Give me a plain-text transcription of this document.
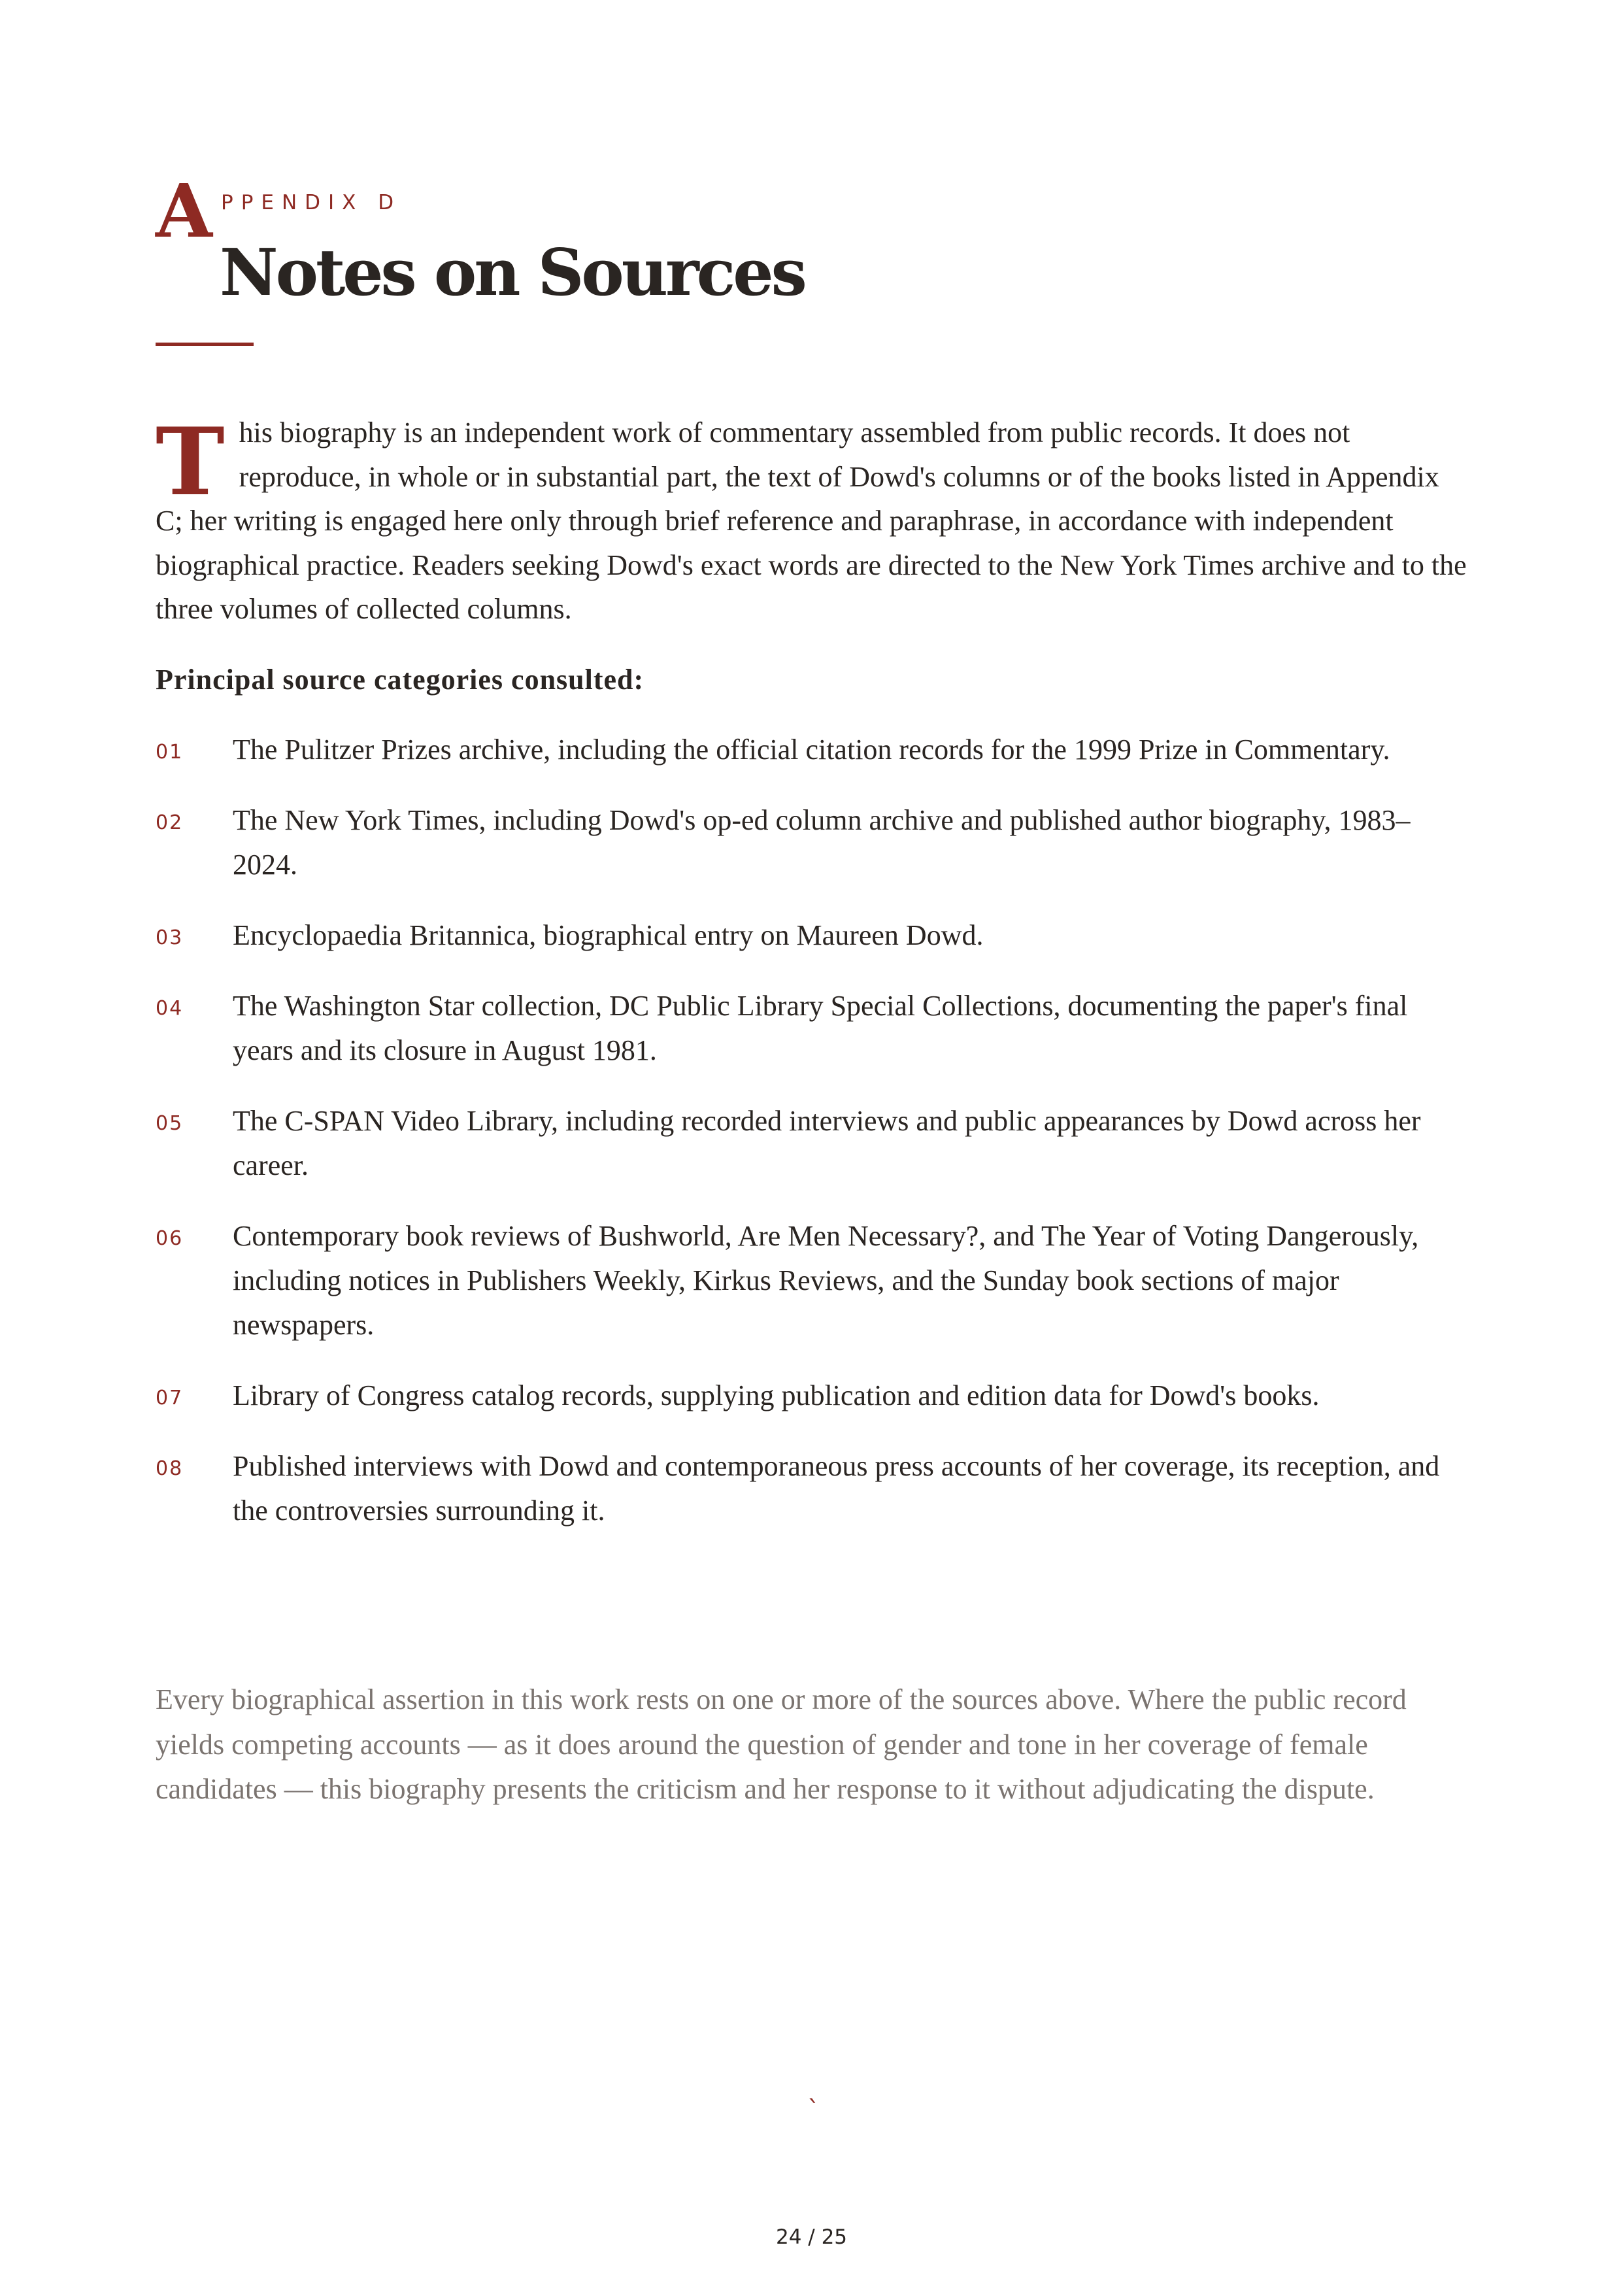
A PPENDIX D
Notes on Sources

T his biography is an independent work of commentary assembled from public records. It does not reproduce, in whole or in substantial part, the text of Dowd's columns or of the books listed in Appendix C; her writing is engaged here only through brief reference and paraphrase, in accordance with independent biographical practice. Readers seeking Dowd's exact words are directed to the New York Times archive and to the three volumes of collected columns.

Principal source categories consulted:
01 The Pulitzer Prizes archive, including the official citation records for the 1999 Prize in Commentary.
02 The New York Times, including Dowd's op-ed column archive and published author biography, 1983–2024.
03 Encyclopaedia Britannica, biographical entry on Maureen Dowd.
04 The Washington Star collection, DC Public Library Special Collections, documenting the paper's final years and its closure in August 1981.
05 The C-SPAN Video Library, including recorded interviews and public appearances by Dowd across her career.
06 Contemporary book reviews of Bushworld, Are Men Necessary?, and The Year of Voting Dangerously, including notices in Publishers Weekly, Kirkus Reviews, and the Sunday book sections of major newspapers.
07 Library of Congress catalog records, supplying publication and edition data for Dowd's books.
08 Published interviews with Dowd and contemporaneous press accounts of her coverage, its reception, and the controversies surrounding it.

Every biographical assertion in this work rests on one or more of the sources above. Where the public record yields competing accounts — as it does around the question of gender and tone in her coverage of female candidates — this biography presents the criticism and her response to it without adjudicating the dispute.

`
24 / 25
